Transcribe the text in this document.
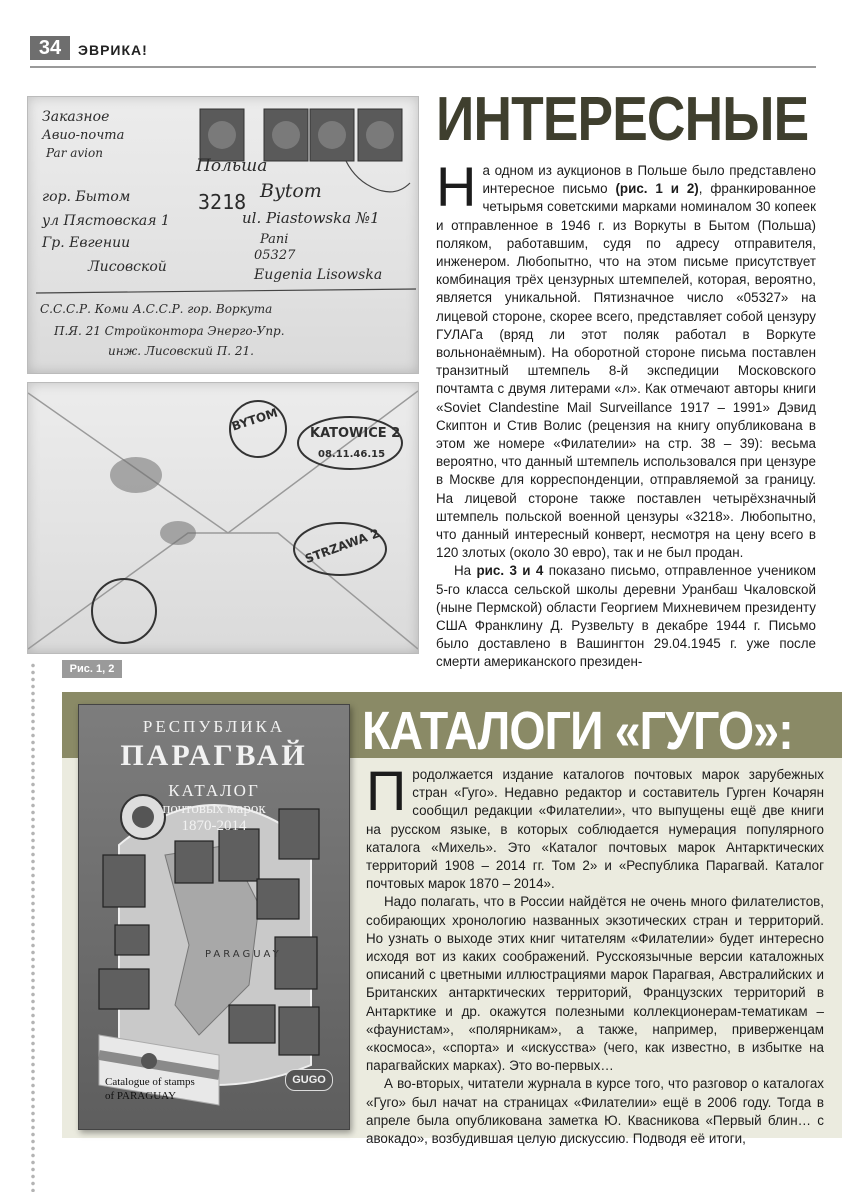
34	ЭВРИКА!
Заказное
Авио-почта
Par avion
Польша
гор. Бытом
ул Пястовская 1
Гр. Евгении
Лисовской
3218 Bytom
ul. Piastowska №1
Pani
05327
Eugenia Lisowska
С.С.С.Р. Коми А.С.С.Р. гор. Воркута
П.Я. 21 Стройконтора Энерго-Упр.
инж. Лисовский П. 21.
BYTOM KATOWICE 2
08.11.46.15
STRZAWA 2
Рис. 1, 2
ИНТЕРЕСНЫЕ

На одном из аукционов в Польше было представлено интересное письмо (рис. 1 и 2), франкированное четырьмя советскими марками номиналом 30 копеек и отправленное в 1946 г. из Воркуты в Бытом (Польша) поляком, работавшим, судя по адресу отправителя, инженером. Любопытно, что на этом письме присутствует комбинация трёх цензурных штемпелей, которая, вероятно, является уникальной. Пятизначное число «05327» на лицевой стороне, скорее всего, представляет собой цензуру ГУЛАГа (вряд ли этот поляк работал в Воркуте вольнонаёмным). На оборотной стороне письма поставлен транзитный штемпель 8-й экспедиции Московского почтамта с двумя литерами «л». Как отмечают авторы книги «Soviet Clandestine Mail Surveillance 1917 – 1991» Дэвид Скиптон и Стив Волис (рецензия на книгу опубликована в этом же номере «Филателии» на стр. 38 – 39): весьма вероятно, что данный штемпель использовался при цензуре в Москве для корреспонденции, отправляемой за границу. На лицевой стороне также поставлен четырёхзначный штемпель польской военной цензуры «3218». Любопытно, что данный интересный конверт, несмотря на цену всего в 120 злотых (около 30 евро), так и не был продан.

На рис. 3 и 4 показано письмо, отправленное учеником 5-го класса сельской школы деревни Уранбаш Чкаловской (ныне Пермской) области Георгием Михневичем президенту США Франклину Д. Рузвельту в декабре 1944 г. Письмо было доставлено в Вашингтон 29.04.1945 г. уже после смерти американского президен-

КАТАЛОГИ «ГУГО»:
PARAGUAY
РЕСПУБЛИКА
ПАРАГВАЙ
КАТАЛОГ
почтовых марок
1870-2014
Catalogue of stamps
of PARAGUAY
GUGO

Продолжается издание каталогов почтовых марок зарубежных стран «Гуго». Недавно редактор и составитель Гурген Кочарян сообщил редакции «Филателии», что выпущены ещё две книги на русском языке, в которых соблюдается нумерация популярного каталога «Михель». Это «Каталог почтовых марок Антарктических территорий 1908 – 2014 гг. Том 2» и «Республика Парагвай. Каталог почтовых марок 1870 – 2014».

Надо полагать, что в России найдётся не очень много филателистов, собирающих хронологию названных экзотических стран и территорий. Но узнать о выходе этих книг читателям «Филателии» будет интересно исходя вот из каких соображений. Русскоязычные версии каталожных описаний с цветными иллюстрациями марок Парагвая, Австралийских и Британских антарктических территорий, Французских территорий в Антарктике и др. окажутся полезными коллекционерам-тематикам – «фаунистам», «полярникам», а также, например, приверженцам «космоса», «спорта» и «искусства» (чего, как известно, в избытке на парагвайских марках). Это во-первых…

А во-вторых, читатели журнала в курсе того, что разговор о каталогах «Гуго» был начат на страницах «Филателии» ещё в 2006 году. Тогда в апреле была опубликована заметка Ю. Квасникова «Первый блин… с авокадо», возбудившая целую дискуссию. Подводя её итоги,
